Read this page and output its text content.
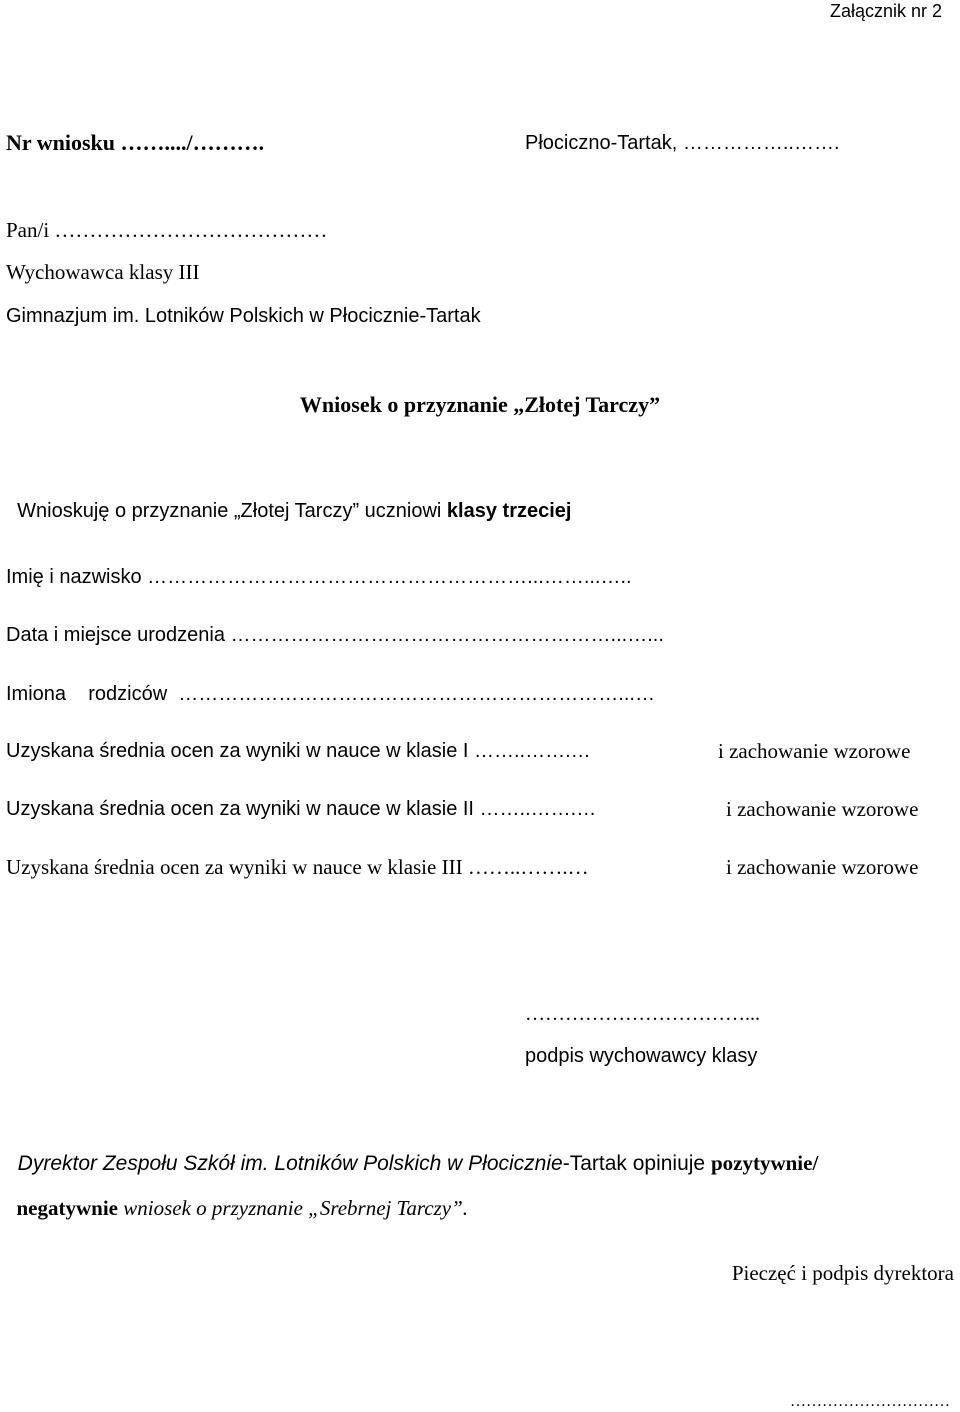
Załącznik nr 2
Nr wniosku ……..../……….	Płociczno-Tartak, ……………..…….
Pan/i …………………………………
Wychowawca klasy III
Gimnazjum im. Lotników Polskich w Płocicznie-Tartak
Wniosek o przyznanie „Złotej Tarczy”

Wnioskuję o przyznanie „Złotej Tarczy” uczniowi klasy trzeciej

Imię i nazwisko …………………………………………………...……...…..
Data i miejsce urodzenia …………………………………………………...…...
Imiona    rodziców  …………………………………………………………...…
Uzyskana średnia ocen za wyniki w nauce w klasie I ……..…….…	i zachowanie wzorowe
Uzyskana średnia ocen za wyniki w nauce w klasie II ……..…….…	i zachowanie wzorowe
Uzyskana średnia ocen za wyniki w nauce w klasie III ……..…….…	i zachowanie wzorowe
……………………………...
podpis wychowawcy klasy

Dyrektor Zespołu Szkół im. Lotników Polskich w Płocicznie-Tartak opiniuje pozytywnie/

negatywnie wniosek o przyznanie „Srebrnej Tarczy”.

Pieczęć i podpis dyrektora
…………………………
